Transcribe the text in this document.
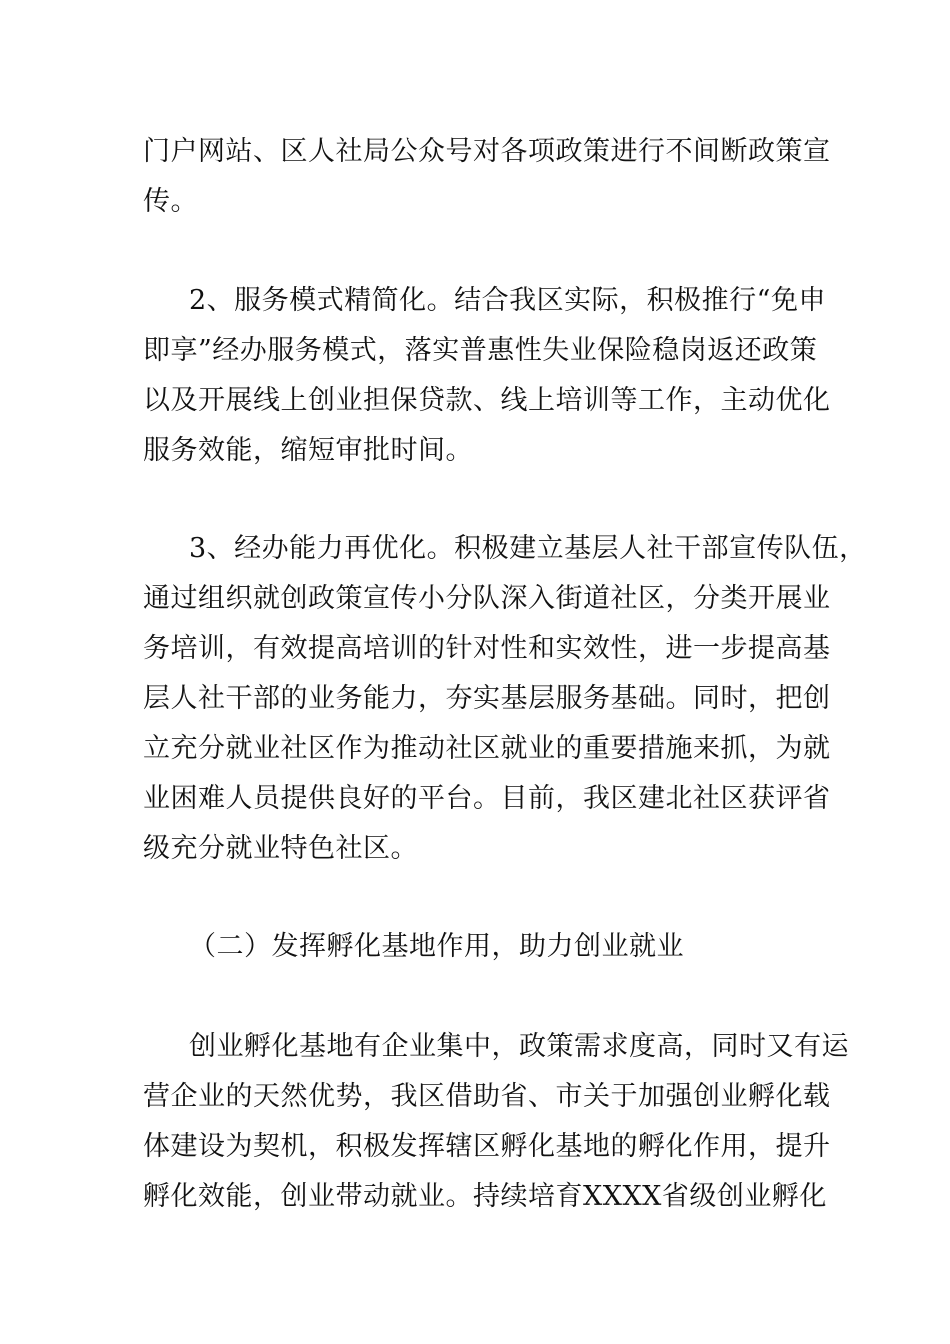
门户网站、区人社局公众号对各项政策进行不间断政策宣
传。
2、服务模式精简化。结合我区实际，积极推行“免申
即享”经办服务模式，落实普惠性失业保险稳岗返还政策
以及开展线上创业担保贷款、线上培训等工作，主动优化
服务效能，缩短审批时间。
3、经办能力再优化。积极建立基层人社干部宣传队伍，
通过组织就创政策宣传小分队深入街道社区，分类开展业
务培训，有效提高培训的针对性和实效性，进一步提高基
层人社干部的业务能力，夯实基层服务基础。同时，把创
立充分就业社区作为推动社区就业的重要措施来抓，为就
业困难人员提供良好的平台。目前，我区建北社区获评省
级充分就业特色社区。
（二）发挥孵化基地作用，助力创业就业
创业孵化基地有企业集中，政策需求度高，同时又有运
营企业的天然优势，我区借助省、市关于加强创业孵化载
体建设为契机，积极发挥辖区孵化基地的孵化作用，提升
孵化效能，创业带动就业。持续培育XXXX省级创业孵化
